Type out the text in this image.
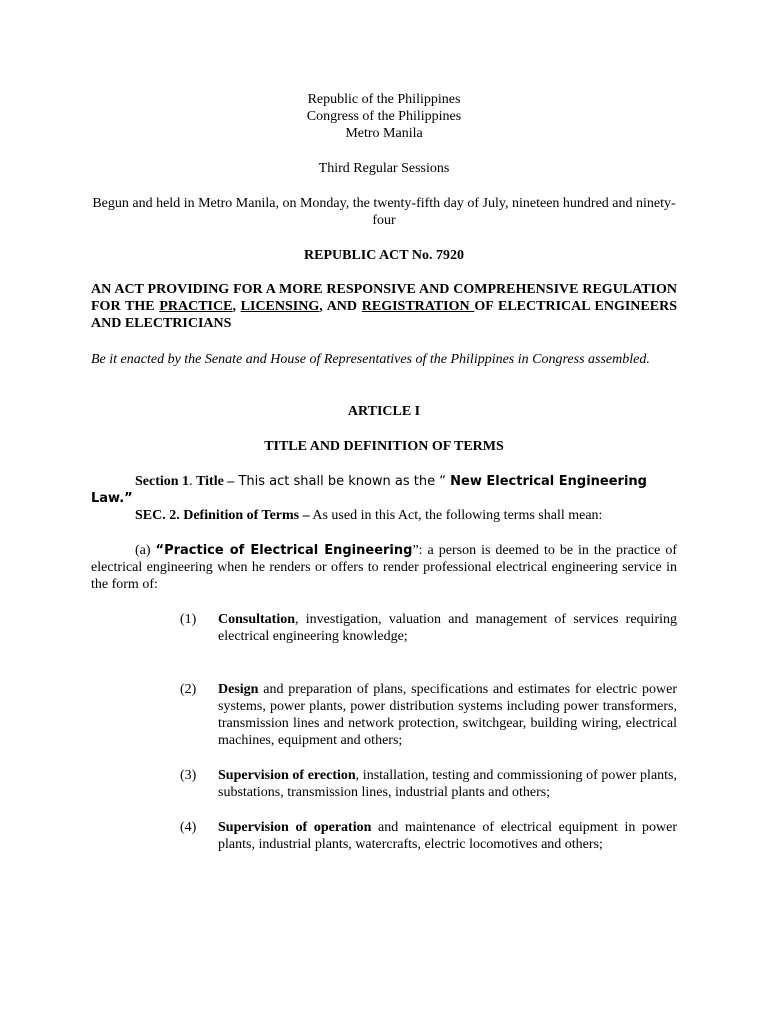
Republic of the Philippines
Congress of the Philippines
Metro Manila
Third Regular Sessions
Begun and held in Metro Manila, on Monday, the twenty-fifth day of July, nineteen hundred and ninety-four
REPUBLIC ACT No. 7920
AN ACT PROVIDING FOR A MORE RESPONSIVE AND COMPREHENSIVE REGULATION FOR THE PRACTICE, LICENSING, AND REGISTRATION OF ELECTRICAL ENGINEERS AND ELECTRICIANS
Be it enacted by the Senate and House of Representatives of the Philippines in Congress assembled.
ARTICLE I
TITLE AND DEFINITION OF TERMS
Section 1. Title – This act shall be known as the “ New Electrical Engineering Law.”
SEC. 2. Definition of Terms – As used in this Act, the following terms shall mean:
(a) “Practice of Electrical Engineering”: a person is deemed to be in the practice of electrical engineering when he renders or offers to render professional electrical engineering service in the form of:
(1) Consultation, investigation, valuation and management of services requiring electrical engineering knowledge;
(2) Design and preparation of plans, specifications and estimates for electric power systems, power plants, power distribution systems including power transformers, transmission lines and network protection, switchgear, building wiring, electrical machines, equipment and others;
(3) Supervision of erection, installation, testing and commissioning of power plants, substations, transmission lines, industrial plants and others;
(4) Supervision of operation and maintenance of electrical equipment in power plants, industrial plants, watercrafts, electric locomotives and others;
